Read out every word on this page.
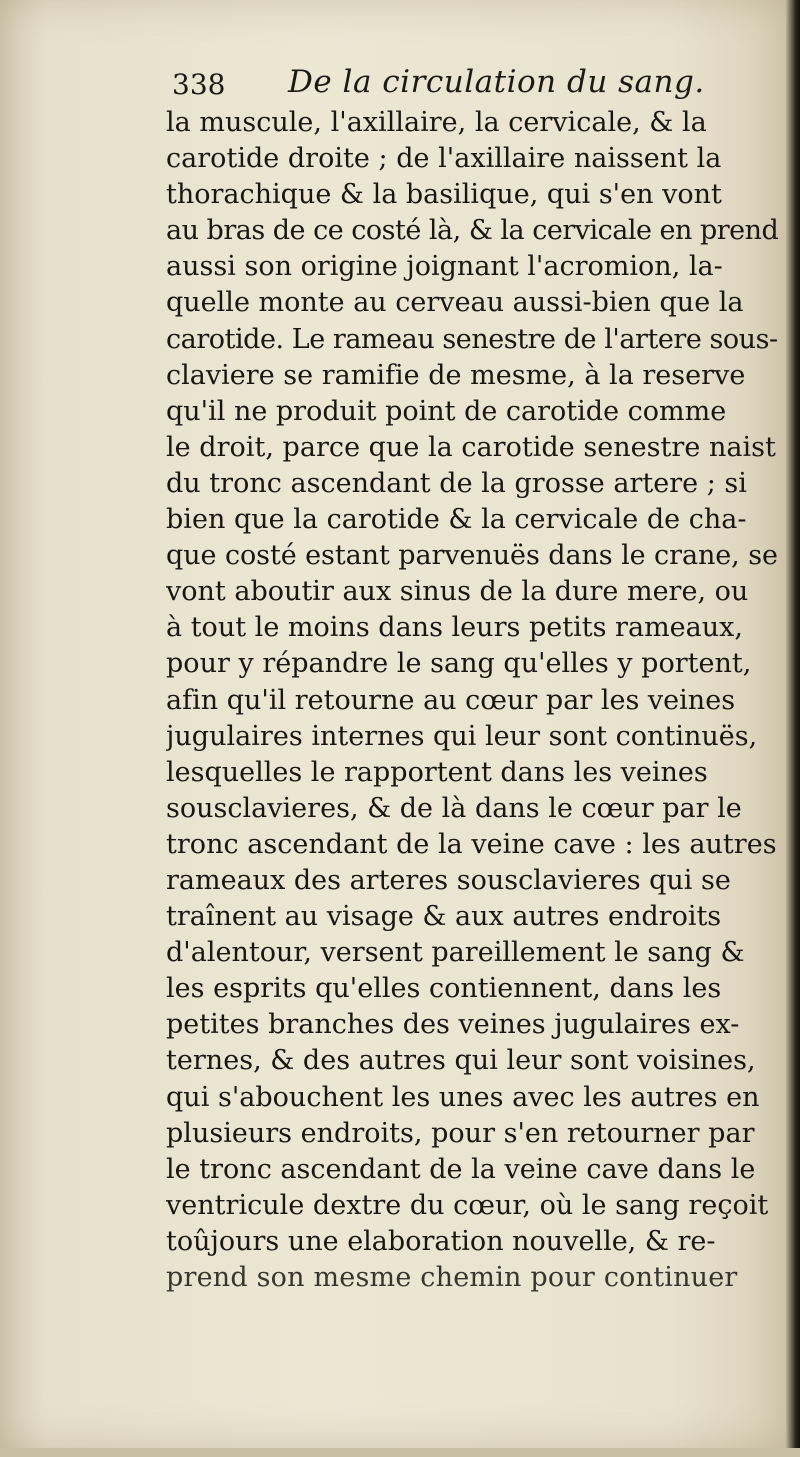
338 De la circulation du sang.
la muscule, l'axillaire, la cervicale, & la
carotide droite ; de l'axillaire naissent la
thorachique & la basilique, qui s'en vont
au bras de ce costé là, & la cervicale en prend
aussi son origine joignant l'acromion, la-
quelle monte au cerveau aussi-bien que la
carotide. Le rameau senestre de l'artere sous-
claviere se ramifie de mesme, à la reserve
qu'il ne produit point de carotide comme
le droit, parce que la carotide senestre naist
du tronc ascendant de la grosse artere ; si
bien que la carotide & la cervicale de cha-
que costé estant parvenuës dans le crane, se
vont aboutir aux sinus de la dure mere, ou
à tout le moins dans leurs petits rameaux,
pour y répandre le sang qu'elles y portent,
afin qu'il retourne au cœur par les veines
jugulaires internes qui leur sont continuës,
lesquelles le rapportent dans les veines
sousclavieres, & de là dans le cœur par le
tronc ascendant de la veine cave : les autres
rameaux des arteres sousclavieres qui se
traînent au visage & aux autres endroits
d'alentour, versent pareillement le sang &
les esprits qu'elles contiennent, dans les
petites branches des veines jugulaires ex-
ternes, & des autres qui leur sont voisines,
qui s'abouchent les unes avec les autres en
plusieurs endroits, pour s'en retourner par
le tronc ascendant de la veine cave dans le
ventricule dextre du cœur, où le sang reçoit
toûjours une elaboration nouvelle, & re-
prend son mesme chemin pour continuer
